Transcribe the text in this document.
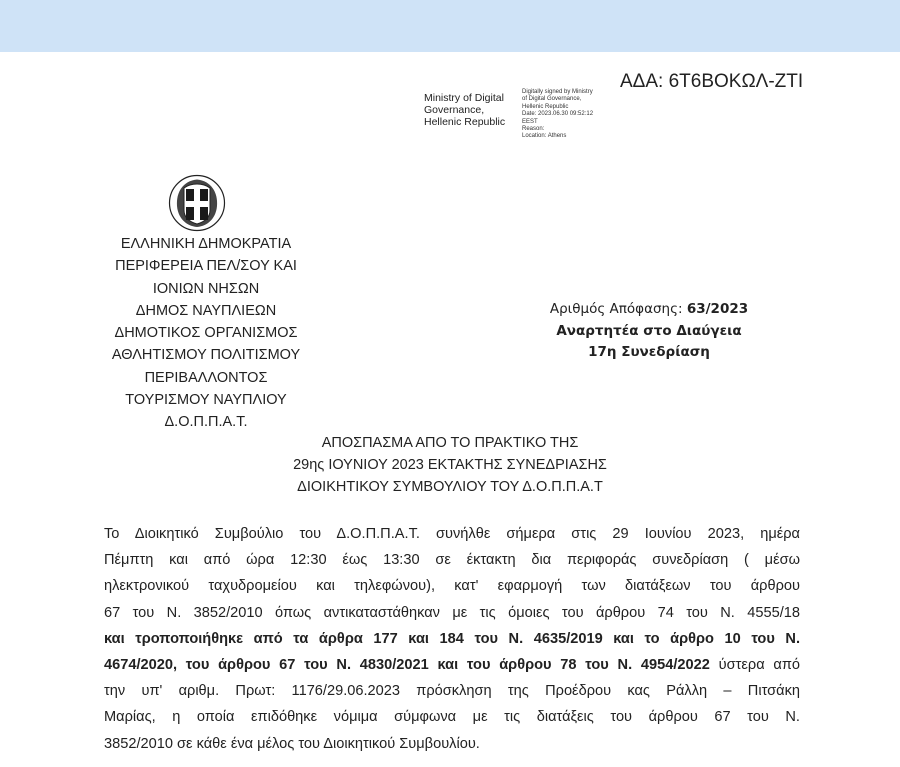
ΑΔΑ: 6Τ6ΒΟΚΩΛ-ΖΤΙ
Ministry of Digital
Governance,
Hellenic Republic
Digitally signed by Ministry
of Digital Governance,
Hellenic Republic
Date: 2023.06.30 09:52:12
EEST
Reason:
Location: Athens
ΕΛΛΗΝΙΚΗ ΔΗΜΟΚΡΑΤΙΑ
ΠΕΡΙΦΕΡΕΙΑ ΠΕΛ/ΣΟΥ ΚΑΙ
ΙΟΝΙΩΝ ΝΗΣΩΝ
ΔΗΜΟΣ ΝΑΥΠΛΙΕΩΝ
ΔΗΜΟΤΙΚΟΣ ΟΡΓΑΝΙΣΜΟΣ
ΑΘΛΗΤΙΣΜΟΥ ΠΟΛΙΤΙΣΜΟΥ
ΠΕΡΙΒΑΛΛΟΝΤΟΣ
ΤΟΥΡΙΣΜΟΥ ΝΑΥΠΛΙΟΥ
Δ.Ο.Π.Π.Α.Τ.
Αριθμός Απόφασης: 63/2023
Αναρτητέα στο Διαύγεια
17η Συνεδρίαση
ΑΠΟΣΠΑΣΜΑ ΑΠΟ ΤΟ ΠΡΑΚΤΙΚΟ ΤΗΣ
29ης ΙΟΥΝΙΟΥ 2023 ΕΚΤΑΚΤΗΣ ΣΥΝΕΔΡΙΑΣΗΣ
ΔΙΟΙΚΗΤΙΚΟΥ ΣΥΜΒΟΥΛΙΟΥ ΤΟΥ Δ.Ο.Π.Π.Α.Τ
Το Διοικητικό Συμβούλιο του Δ.Ο.Π.Π.Α.Τ. συνήλθε σήμερα στις 29 Ιουνίου 2023, ημέρα
Πέμπτη και από ώρα 12:30 έως 13:30 σε έκτακτη δια περιφοράς συνεδρίαση ( μέσω
ηλεκτρονικού ταχυδρομείου και τηλεφώνου), κατ' εφαρμογή των διατάξεων του άρθρου
67 του Ν. 3852/2010 όπως αντικαταστάθηκαν με τις όμοιες του άρθρου 74 του Ν. 4555/18
και τροποποιήθηκε από τα άρθρα 177 και 184 του Ν. 4635/2019 και το άρθρο 10 του Ν.
4674/2020, του άρθρου 67 του Ν. 4830/2021 και του άρθρου 78 του Ν. 4954/2022 ύστερα από
την υπ' αριθμ. Πρωτ: 1176/29.06.2023 πρόσκληση της Προέδρου κας Ράλλη – Πιτσάκη
Μαρίας, η οποία επιδόθηκε νόμιμα σύμφωνα με τις διατάξεις του άρθρου 67 του Ν.
3852/2010 σε κάθε ένα μέλος του Διοικητικού Συμβουλίου.
